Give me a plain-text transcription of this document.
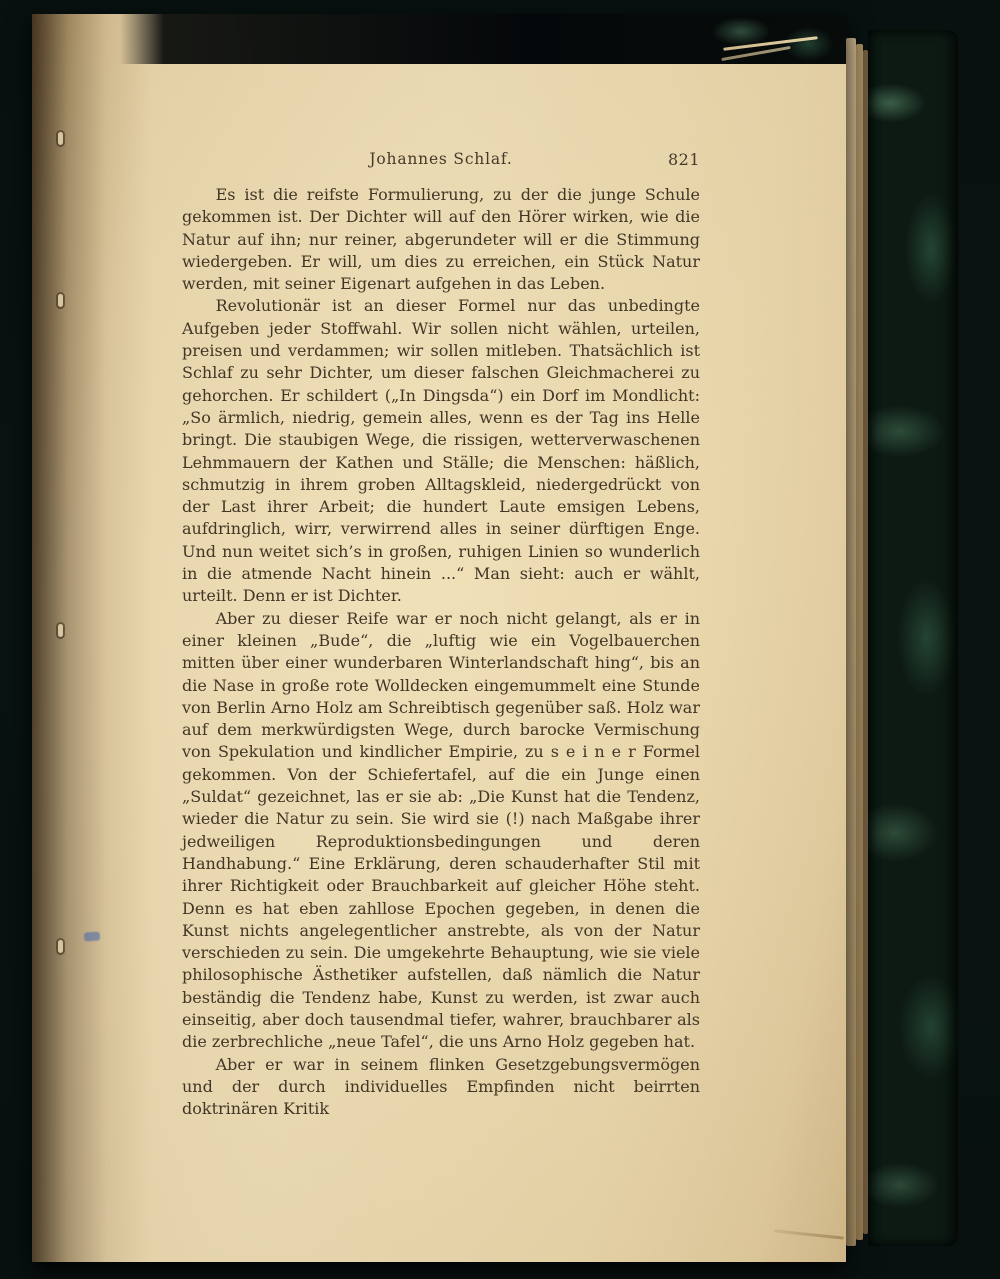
Johannes Schlaf.	821

Es ist die reifste Formulierung, zu der die junge Schule gekommen ist. Der Dichter will auf den Hörer wirken, wie die Natur auf ihn; nur reiner, abgerundeter will er die Stimmung wiedergeben. Er will, um dies zu erreichen, ein Stück Natur werden, mit seiner Eigenart aufgehen in das Leben.

Revolutionär ist an dieser Formel nur das unbedingte Aufgeben jeder Stoffwahl. Wir sollen nicht wählen, urteilen, preisen und verdammen; wir sollen mitleben. Thatsächlich ist Schlaf zu sehr Dichter, um dieser falschen Gleichmacherei zu gehorchen. Er schildert („In Dingsda“) ein Dorf im Mondlicht: „So ärmlich, niedrig, gemein alles, wenn es der Tag ins Helle bringt. Die staubigen Wege, die rissigen, wetterverwaschenen Lehmmauern der Kathen und Ställe; die Menschen: häßlich, schmutzig in ihrem groben Alltagskleid, niedergedrückt von der Last ihrer Arbeit; die hundert Laute emsigen Lebens, aufdringlich, wirr, verwirrend alles in seiner dürftigen Enge. Und nun weitet sich’s in großen, ruhigen Linien so wunderlich in die atmende Nacht hinein ...“ Man sieht: auch er wählt, urteilt. Denn er ist Dichter.

Aber zu dieser Reife war er noch nicht gelangt, als er in einer kleinen „Bude“, die „luftig wie ein Vogelbauerchen mitten über einer wunderbaren Winterlandschaft hing“, bis an die Nase in große rote Wolldecken eingemummelt eine Stunde von Berlin Arno Holz am Schreibtisch gegenüber saß. Holz war auf dem merkwürdigsten Wege, durch barocke Vermischung von Spekulation und kindlicher Empirie, zu s e i n e r Formel gekommen. Von der Schiefertafel, auf die ein Junge einen „Suldat“ gezeichnet, las er sie ab: „Die Kunst hat die Tendenz, wieder die Natur zu sein. Sie wird sie (!) nach Maßgabe ihrer jedweiligen Reproduktionsbedingungen und deren Handhabung.“ Eine Erklärung, deren schauderhafter Stil mit ihrer Richtigkeit oder Brauchbarkeit auf gleicher Höhe steht. Denn es hat eben zahllose Epochen gegeben, in denen die Kunst nichts angelegentlicher anstrebte, als von der Natur verschieden zu sein. Die umgekehrte Behauptung, wie sie viele philosophische Ästhetiker aufstellen, daß nämlich die Natur beständig die Tendenz habe, Kunst zu werden, ist zwar auch einseitig, aber doch tausendmal tiefer, wahrer, brauchbarer als die zerbrechliche „neue Tafel“, die uns Arno Holz gegeben hat.

Aber er war in seinem flinken Gesetzgebungsvermögen und der durch individuelles Empfinden nicht beirrten doktrinären Kritik
